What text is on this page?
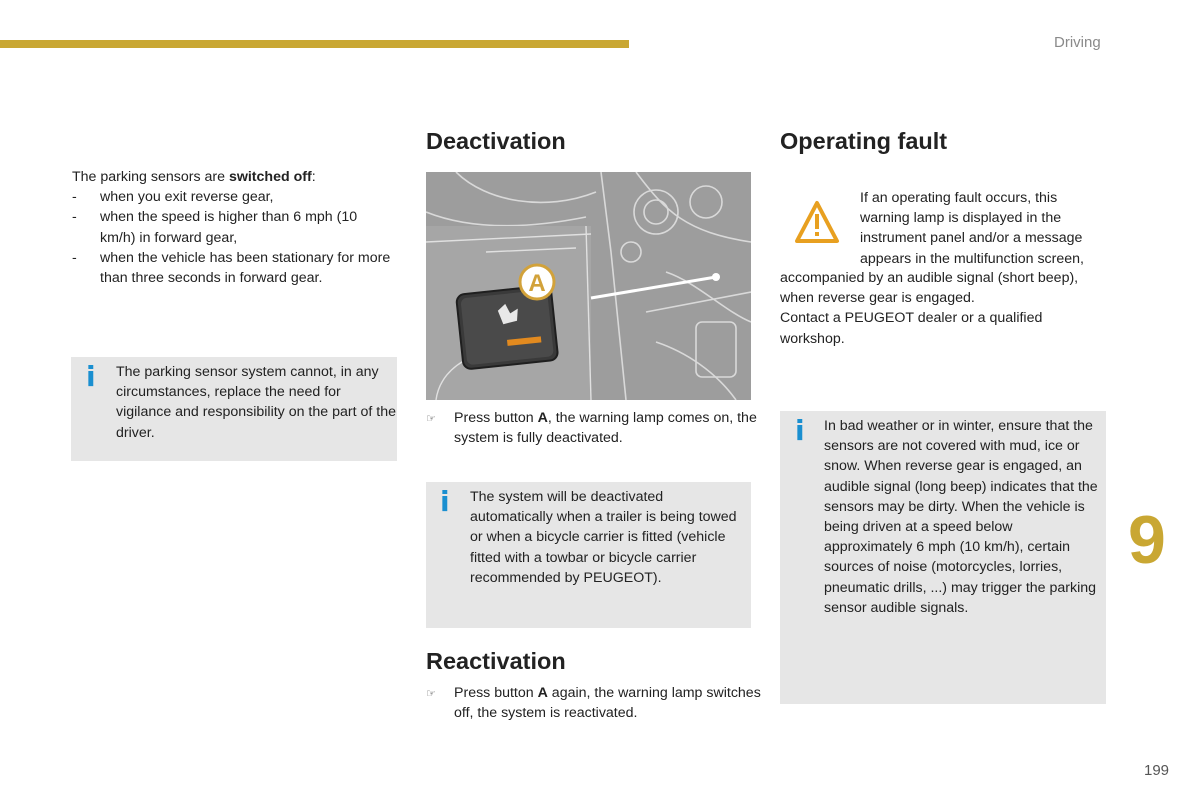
Driving
9
199
The parking sensors are switched off:
- when you exit reverse gear,
- when the speed is higher than 6 mph (10 km/h) in forward gear,
- when the vehicle has been stationary for more than three seconds in forward gear.
i The parking sensor system cannot, in any circumstances, replace the need for vigilance and responsibility on the part of the driver.
Deactivation
A
☞ Press button A, the warning lamp comes on, the system is fully deactivated.
i The system will be deactivated automatically when a trailer is being towed or when a bicycle carrier is fitted (vehicle fitted with a towbar or bicycle carrier recommended by PEUGEOT).
Reactivation
☞ Press button A again, the warning lamp switches off, the system is reactivated.
Operating fault
If an operating fault occurs, this warning lamp is displayed in the instrument panel and/or a message appears in the multifunction screen,
accompanied by an audible signal (short beep), when reverse gear is engaged.
Contact a PEUGEOT dealer or a qualified workshop.
i In bad weather or in winter, ensure that the sensors are not covered with mud, ice or snow. When reverse gear is engaged, an audible signal (long beep) indicates that the sensors may be dirty. When the vehicle is being driven at a speed below approximately 6 mph (10 km/h), certain sources of noise (motorcycles, lorries, pneumatic drills, ...) may trigger the parking sensor audible signals.
